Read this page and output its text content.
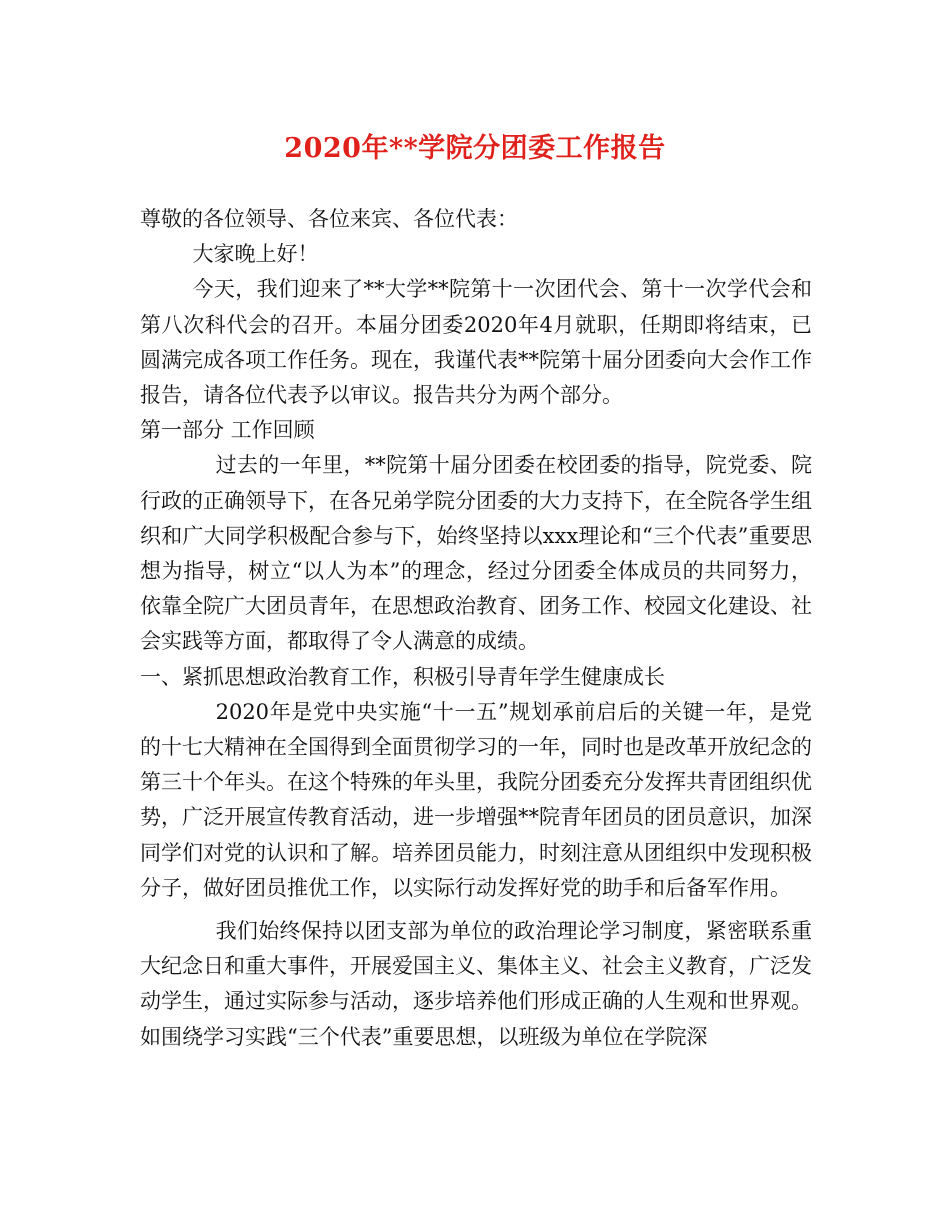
2020年**学院分团委工作报告

尊敬的各位领导、各位来宾、各位代表：

大家晚上好！

今天，我们迎来了**大学**院第十一次团代会、第十一次学代会和第八次科代会的召开。本届分团委2020年4月就职，任期即将结束，已圆满完成各项工作任务。现在，我谨代表**院第十届分团委向大会作工作报告，请各位代表予以审议。报告共分为两个部分。

第一部分 工作回顾

过去的一年里，**院第十届分团委在校团委的指导，院党委、院行政的正确领导下，在各兄弟学院分团委的大力支持下，在全院各学生组织和广大同学积极配合参与下，始终坚持以xxx理论和“三个代表”重要思想为指导，树立“以人为本”的理念，经过分团委全体成员的共同努力，依靠全院广大团员青年，在思想政治教育、团务工作、校园文化建设、社会实践等方面，都取得了令人满意的成绩。

一、紧抓思想政治教育工作，积极引导青年学生健康成长

2020年是党中央实施“十一五”规划承前启后的关键一年，是党的十七大精神在全国得到全面贯彻学习的一年，同时也是改革开放纪念的第三十个年头。在这个特殊的年头里，我院分团委充分发挥共青团组织优势，广泛开展宣传教育活动，进一步增强**院青年团员的团员意识，加深同学们对党的认识和了解。培养团员能力，时刻注意从团组织中发现积极分子，做好团员推优工作，以实际行动发挥好党的助手和后备军作用。

我们始终保持以团支部为单位的政治理论学习制度，紧密联系重大纪念日和重大事件，开展爱国主义、集体主义、社会主义教育，广泛发动学生，通过实际参与活动，逐步培养他们形成正确的人生观和世界观。如围绕学习实践“三个代表”重要思想，以班级为单位在学院深
